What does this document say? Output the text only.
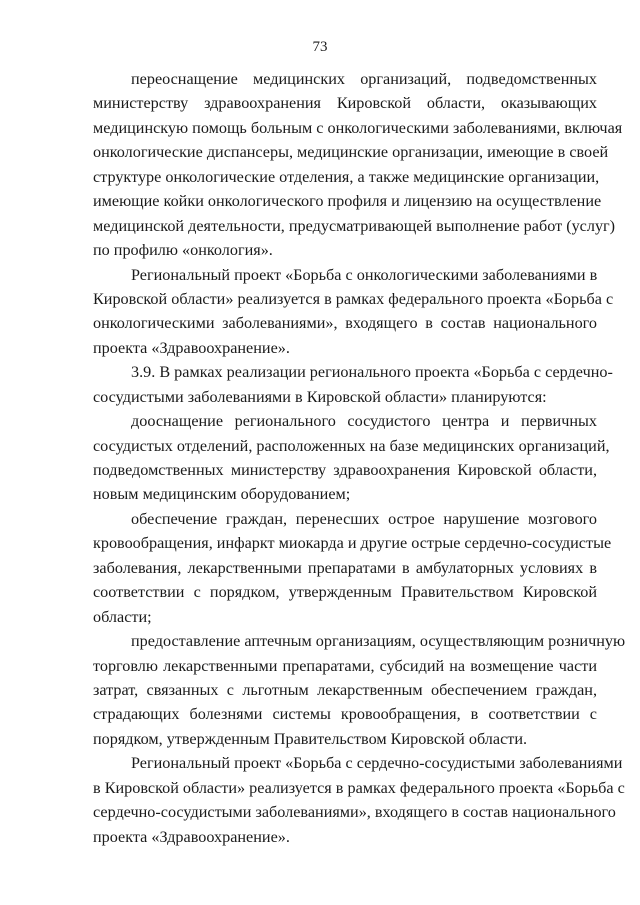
73
переоснащение медицинских организаций, подведомственных
министерству здравоохранения Кировской области, оказывающих
медицинскую помощь больным с онкологическими заболеваниями, включая
онкологические диспансеры, медицинские организации, имеющие в своей
структуре онкологические отделения, а также медицинские организации,
имеющие койки онкологического профиля и лицензию на осуществление
медицинской деятельности, предусматривающей выполнение работ (услуг)
по профилю «онкология».
Региональный проект «Борьба с онкологическими заболеваниями в
Кировской области» реализуется в рамках федерального проекта «Борьба с
онкологическими заболеваниями», входящего в состав национального
проекта «Здравоохранение».
3.9. В рамках реализации регионального проекта «Борьба с сердечно-
сосудистыми заболеваниями в Кировской области» планируются:
дооснащение регионального сосудистого центра и первичных
сосудистых отделений, расположенных на базе медицинских организаций,
подведомственных министерству здравоохранения Кировской области,
новым медицинским оборудованием;
обеспечение граждан, перенесших острое нарушение мозгового
кровообращения, инфаркт миокарда и другие острые сердечно-сосудистые
заболевания, лекарственными препаратами в амбулаторных условиях в
соответствии с порядком, утвержденным Правительством Кировской
области;
предоставление аптечным организациям, осуществляющим розничную
торговлю лекарственными препаратами, субсидий на возмещение части
затрат, связанных с льготным лекарственным обеспечением граждан,
страдающих болезнями системы кровообращения, в соответствии с
порядком, утвержденным Правительством Кировской области.
Региональный проект «Борьба с сердечно-сосудистыми заболеваниями
в Кировской области» реализуется в рамках федерального проекта «Борьба с
сердечно-сосудистыми заболеваниями», входящего в состав национального
проекта «Здравоохранение».
